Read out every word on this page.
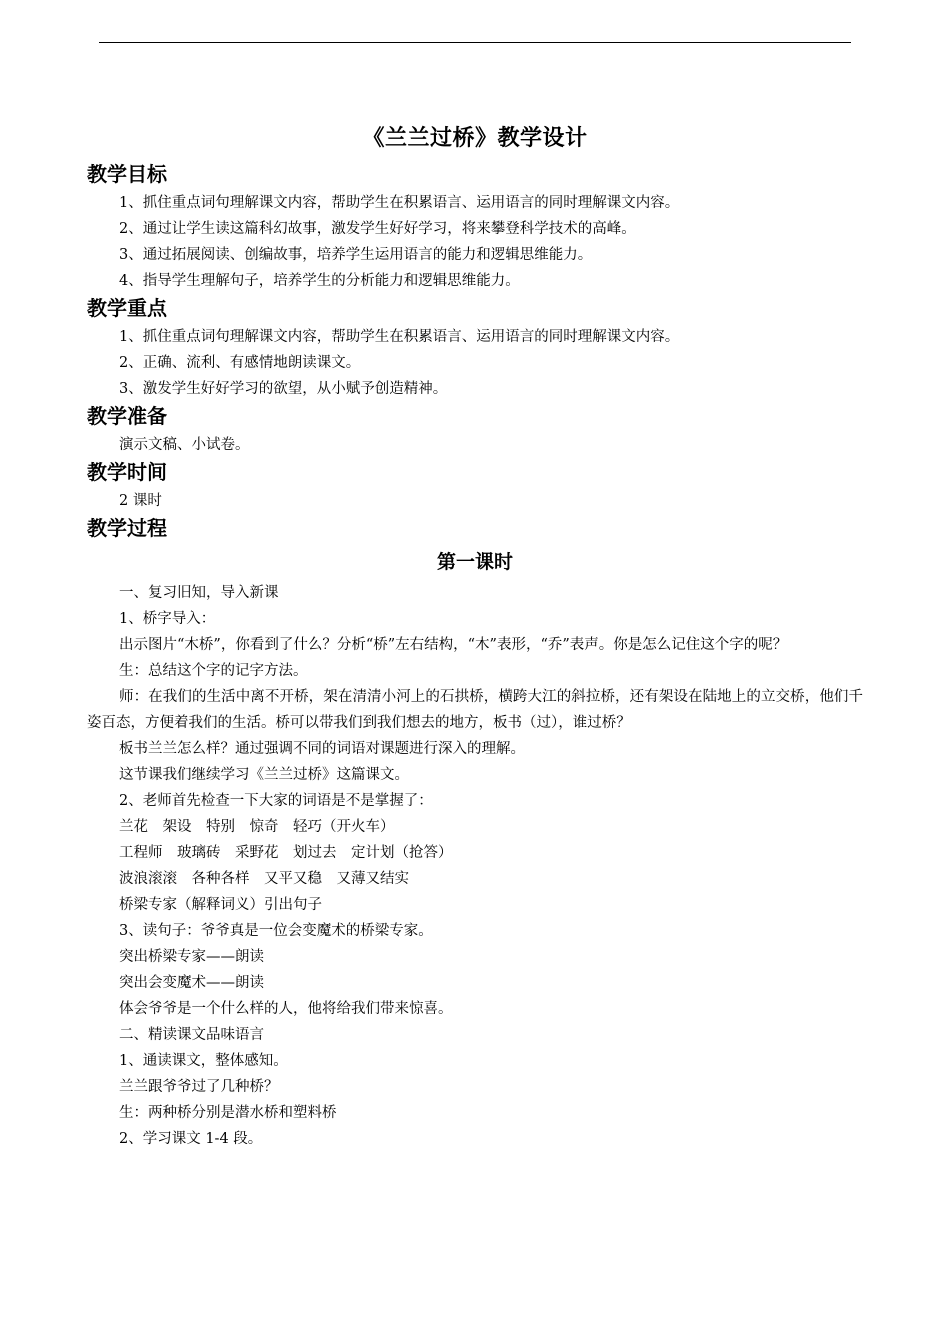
《兰兰过桥》教学设计
教学目标

1、抓住重点词句理解课文内容，帮助学生在积累语言、运用语言的同时理解课文内容。

2、通过让学生读这篇科幻故事，激发学生好好学习，将来攀登科学技术的高峰。

3、通过拓展阅读、创编故事，培养学生运用语言的能力和逻辑思维能力。

4、指导学生理解句子，培养学生的分析能力和逻辑思维能力。

教学重点

1、抓住重点词句理解课文内容，帮助学生在积累语言、运用语言的同时理解课文内容。

2、正确、流利、有感情地朗读课文。

3、激发学生好好学习的欲望，从小赋予创造精神。

教学准备

演示文稿、小试卷。

教学时间

2 课时

教学过程
第一课时

一、复习旧知，导入新课

1、桥字导入：

出示图片“木桥”，你看到了什么？分析“桥”左右结构，“木”表形，“乔”表声。你是怎么记住这个字的呢？

生：总结这个字的记字方法。

师：在我们的生活中离不开桥，架在清清小河上的石拱桥，横跨大江的斜拉桥，还有架设在陆地上的立交桥，他们千姿百态，方便着我们的生活。桥可以带我们到我们想去的地方，板书（过），谁过桥？

板书兰兰怎么样？通过强调不同的词语对课题进行深入的理解。

这节课我们继续学习《兰兰过桥》这篇课文。

2、老师首先检查一下大家的词语是不是掌握了：

兰花　架设　特别　惊奇　轻巧（开火车）

工程师　玻璃砖　采野花　划过去　定计划（抢答）

波浪滚滚　各种各样　又平又稳　又薄又结实

桥梁专家（解释词义）引出句子

3、读句子：爷爷真是一位会变魔术的桥梁专家。

突出桥梁专家——朗读

突出会变魔术——朗读

体会爷爷是一个什么样的人，他将给我们带来惊喜。

二、精读课文品味语言

1、通读课文，整体感知。

兰兰跟爷爷过了几种桥？

生：两种桥分别是潜水桥和塑料桥

2、学习课文 1-4 段。
